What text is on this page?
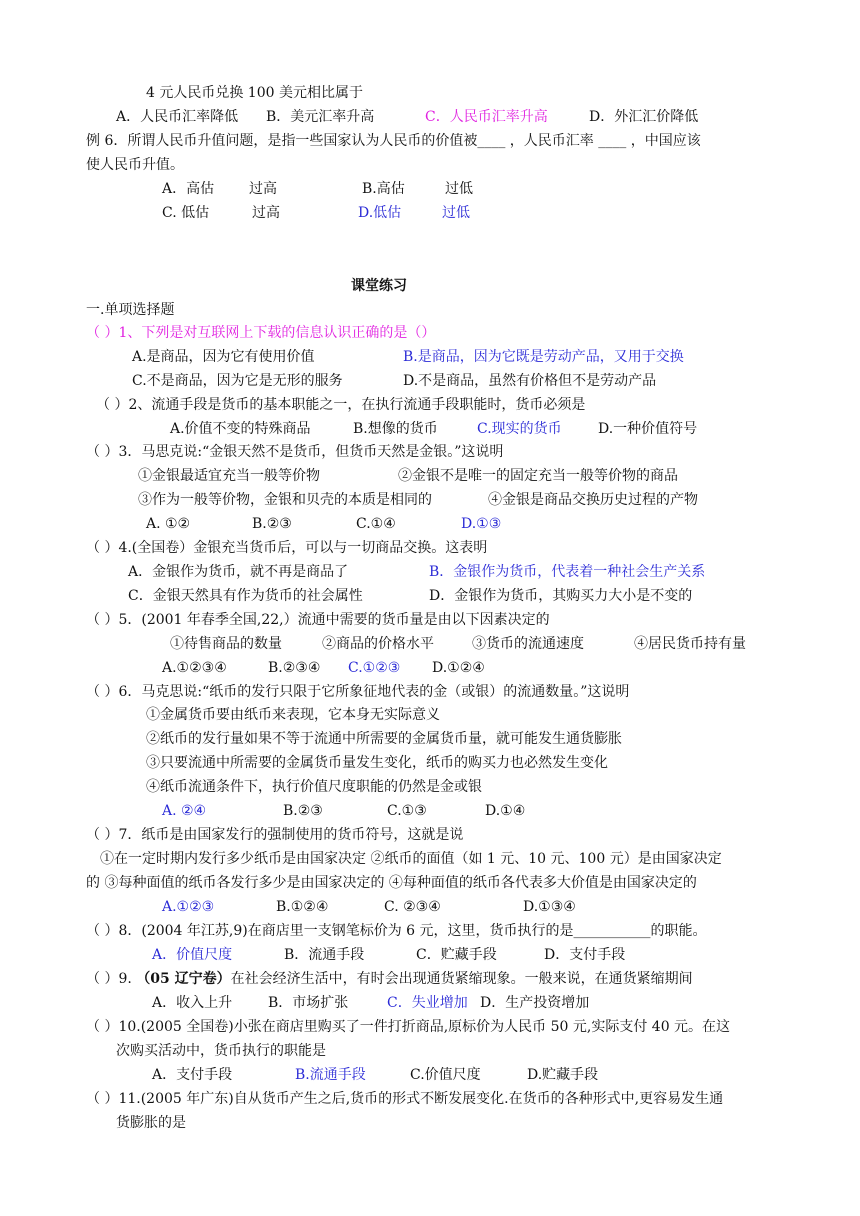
4 元人民币兑换 100 美元相比属于
A．人民币汇率降低 B．美元汇率升高	C．人民币汇率升高	D．外汇汇价降低
例 6．所谓人民币升值问题，是指一些国家认为人民币的价值被____ ，人民币汇率 ____ ，中国应该
使人民币升值。
A．高估 过高	B.高估	过低
C. 低估	过高	D.低估	过低
课堂练习
一.单项选择题
（ ）1、下列是对互联网上下载的信息认识正确的是（）
A.是商品，因为它有使用价值	B.是商品，因为它既是劳动产品，又用于交换
C.不是商品，因为它是无形的服务	D.不是商品，虽然有价格但不是劳动产品
（ ）2、流通手段是货币的基本职能之一，在执行流通手段职能时，货币必须是
A.价值不变的特殊商品	B.想像的货币	C.现实的货币	D.一种价值符号
（ ）3．马思克说:“金银天然不是货币，但货币天然是金银。”这说明
①金银最适宜充当一般等价物	②金银不是唯一的固定充当一般等价物的商品
③作为一般等价物，金银和贝壳的本质是相同的	④金银是商品交换历史过程的产物
A. ①②	B.②③	C.①④	D.①③
（ ）4.(全国卷）金银充当货币后，可以与一切商品交换。这表明
A．金银作为货币，就不再是商品了	B．金银作为货币，代表着一种社会生产关系
C．金银天然具有作为货币的社会属性	D．金银作为货币，其购买力大小是不变的
（ ）5．(2001 年春季全国,22,）流通中需要的货币量是由以下因素决定的
①待售商品的数量	②商品的价格水平	③货币的流通速度	④居民货币持有量
A.①②③④	B.②③④ C.①②③ D.①②④
（ ）6．马克思说:“纸币的发行只限于它所象征地代表的金（或银）的流通数量。”这说明
①金属货币要由纸币来表现，它本身无实际意义
②纸币的发行量如果不等于流通中所需要的金属货币量，就可能发生通货膨胀
③只要流通中所需要的金属货币量发生变化，纸币的购买力也必然发生变化
④纸币流通条件下，执行价值尺度职能的仍然是金或银
A. ②④	B.②③	C.①③	D.①④
（ ）7．纸币是由国家发行的强制使用的货币符号，这就是说
①在一定时期内发行多少纸币是由国家决定 ②纸币的面值（如 1 元、10 元、100 元）是由国家决定
的 ③每种面值的纸币各发行多少是由国家决定的 ④每种面值的纸币各代表多大价值是由国家决定的
A.①②③	B.①②④	C. ②③④	D.①③④
（ ）8．(2004 年江苏,9)在商店里一支钢笔标价为 6 元，这里，货币执行的是___________的职能。
A．价值尺度	B．流通手段	C．贮藏手段	D．支付手段
（ ）9. （05 辽宁卷）在社会经济生活中，有时会出现通货紧缩现象。一般来说，在通货紧缩期间
A．收入上升	B．市场扩张	C．失业增加 D．生产投资增加
（ ）10.(2005 全国卷)小张在商店里购买了一件打折商品,原标价为人民币 50 元,实际支付 40 元。在这
次购买活动中，货币执行的职能是
A．支付手段	B.流通手段	C.价值尺度	D.贮藏手段
（ ）11.(2005 年广东)自从货币产生之后,货币的形式不断发展变化.在货币的各种形式中,更容易发生通
货膨胀的是
